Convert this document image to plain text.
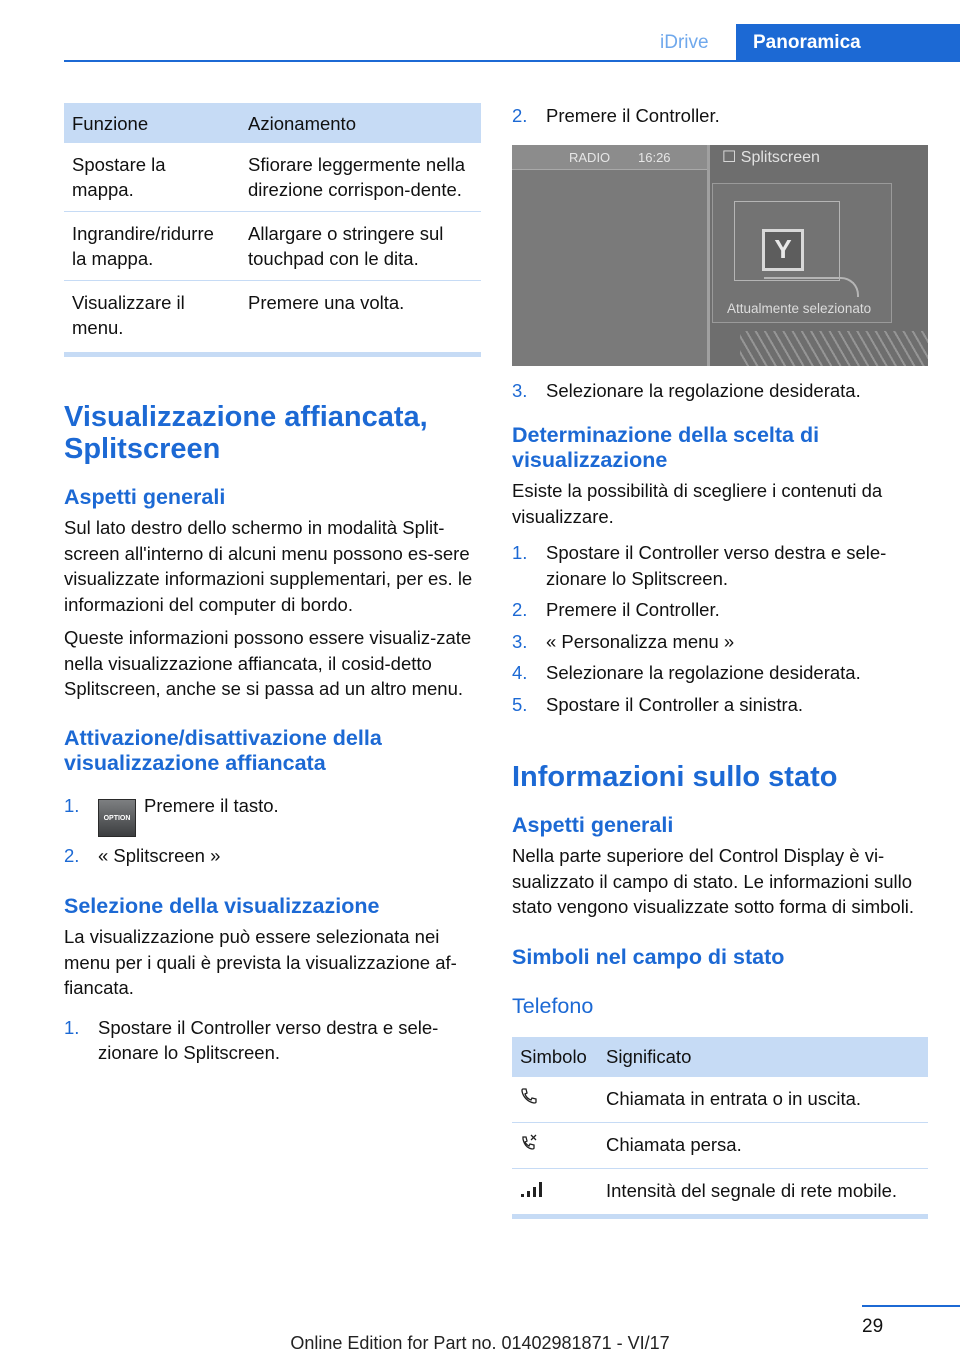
iDrive	Panoramica
Funzione	Azionamento
Spostare la mappa.	Sfiorare leggermente nella direzione corrispon-dente.
Ingrandire/ridurre la mappa.	Allargare o stringere sul touchpad con le dita.
Visualizzare il menu.	Premere una volta.
Visualizzazione affiancata, Splitscreen
Aspetti generali

Sul lato destro dello schermo in modalità Split-screen all'interno di alcuni menu possono es-sere visualizzate informazioni supplementari, per es. le informazioni del computer di bordo.

Queste informazioni possono essere visualiz-zate nella visualizzazione affiancata, il cosid-detto Splitscreen, anche se si passa ad un altro menu.

Attivazione/disattivazione della visualizzazione affiancata
1.
OPTIONPremere il tasto.
2. « Splitscreen »
Selezione della visualizzazione

La visualizzazione può essere selezionata nei menu per i quali è prevista la visualizzazione af-fiancata.

1. Spostare il Controller verso destra e sele-zionare lo Splitscreen.
2. Premere il Controller.
RADIO 16:26	☐ Splitscreen
Y
Attualmente selezionato
3. Selezionare la regolazione desiderata.
Determinazione della scelta di visualizzazione

Esiste la possibilità di scegliere i contenuti da visualizzare.

1. Spostare il Controller verso destra e sele-zionare lo Splitscreen.
2. Premere il Controller.
3. « Personalizza menu »
4. Selezionare la regolazione desiderata.
5. Spostare il Controller a sinistra.
Informazioni sullo stato
Aspetti generali

Nella parte superiore del Control Display è vi-sualizzato il campo di stato. Le informazioni sullo stato vengono visualizzate sotto forma di simboli.

Simboli nel campo di stato
Telefono
Simbolo	Significato
	Chiamata in entrata o in uscita.
	Chiamata persa.
	Intensità del segnale di rete mobile.
29
Online Edition for Part no. 01402981871 - VI/17
